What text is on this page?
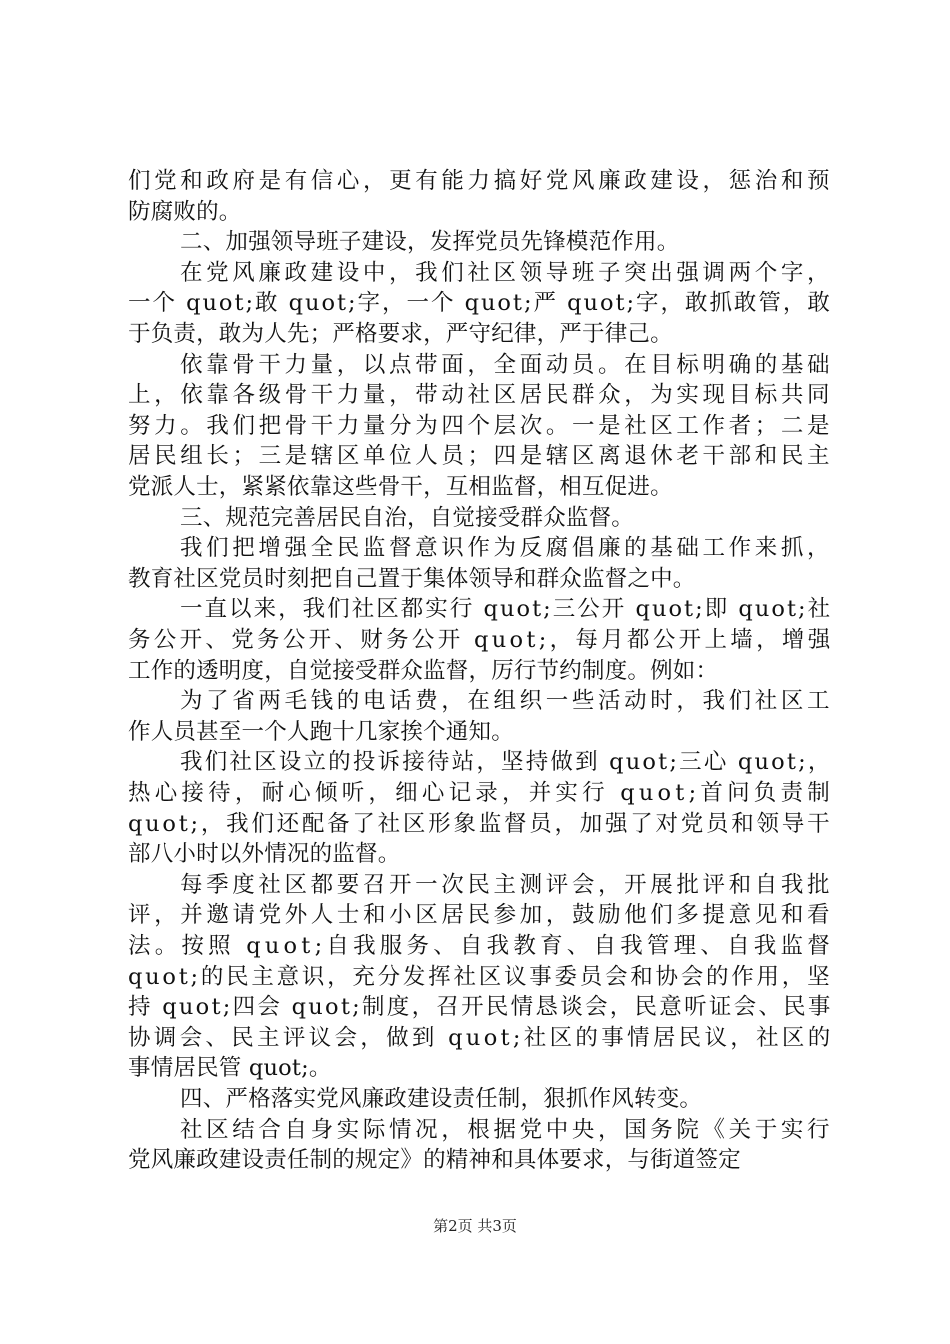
们党和政府是有信心，更有能力搞好党风廉政建设，惩治和预
防腐败的。
二、加强领导班子建设，发挥党员先锋模范作用。
在党风廉政建设中，我们社区领导班子突出强调两个字，
一个 quot;敢 quot;字，一个 quot;严 quot;字，敢抓敢管，敢
于负责，敢为人先；严格要求，严守纪律，严于律己。
依靠骨干力量，以点带面，全面动员。在目标明确的基础
上，依靠各级骨干力量，带动社区居民群众，为实现目标共同
努力。我们把骨干力量分为四个层次。一是社区工作者；二是
居民组长；三是辖区单位人员；四是辖区离退休老干部和民主
党派人士，紧紧依靠这些骨干，互相监督，相互促进。
三、规范完善居民自治，自觉接受群众监督。
我们把增强全民监督意识作为反腐倡廉的基础工作来抓，
教育社区党员时刻把自己置于集体领导和群众监督之中。
一直以来，我们社区都实行 quot;三公开 quot;即 quot;社
务公开、党务公开、财务公开 quot;，每月都公开上墙，增强
工作的透明度，自觉接受群众监督，厉行节约制度。例如：
为了省两毛钱的电话费，在组织一些活动时，我们社区工
作人员甚至一个人跑十几家挨个通知。
我们社区设立的投诉接待站，坚持做到 quot;三心 quot;，
热心接待，耐心倾听，细心记录，并实行 quot;首问负责制
quot;，我们还配备了社区形象监督员，加强了对党员和领导干
部八小时以外情况的监督。
每季度社区都要召开一次民主测评会，开展批评和自我批
评，并邀请党外人士和小区居民参加，鼓励他们多提意见和看
法。按照 quot;自我服务、自我教育、自我管理、自我监督
quot;的民主意识，充分发挥社区议事委员会和协会的作用，坚
持 quot;四会 quot;制度，召开民情恳谈会，民意听证会、民事
协调会、民主评议会，做到 quot;社区的事情居民议，社区的
事情居民管 quot;。
四、严格落实党风廉政建设责任制，狠抓作风转变。
社区结合自身实际情况，根据党中央，国务院《关于实行
党风廉政建设责任制的规定》的精神和具体要求，与街道签定
第2页 共3页
